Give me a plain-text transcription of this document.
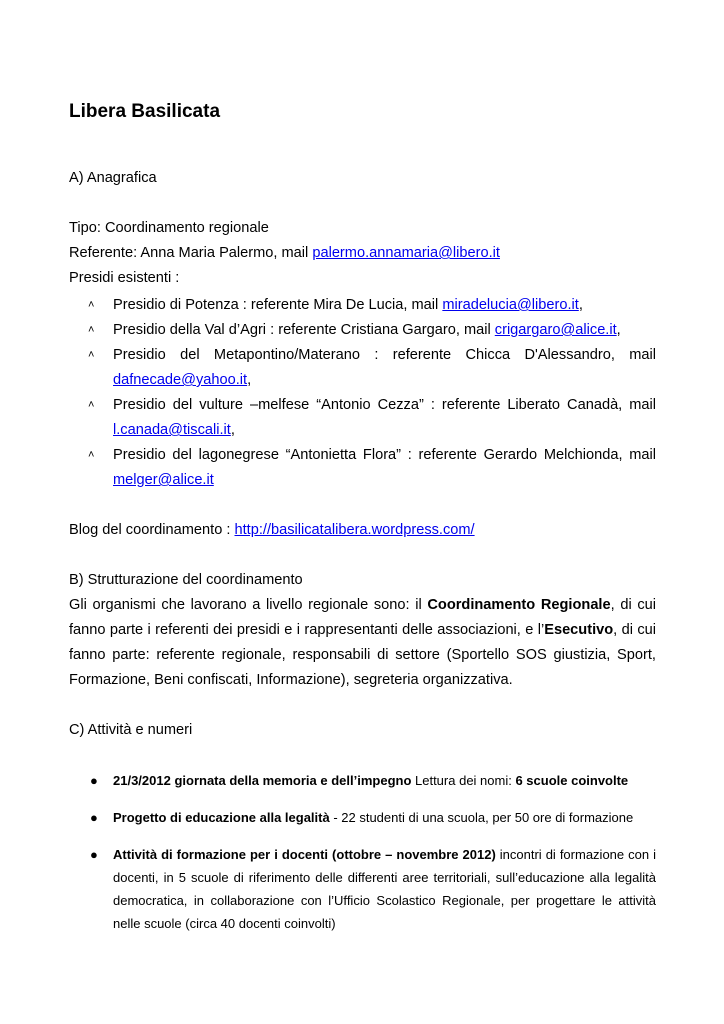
Libera Basilicata
A) Anagrafica
Tipo: Coordinamento regionale
Referente: Anna Maria Palermo, mail palermo.annamaria@libero.it
Presidi esistenti :
˄	Presidio di Potenza : referente Mira De Lucia, mail miradelucia@libero.it,
˄	Presidio della Val d’Agri : referente Cristiana Gargaro, mail crigargaro@alice.it,
˄	Presidio del Metapontino/Materano : referente Chicca D'Alessandro, mail dafnecade@yahoo.it,
˄	Presidio del vulture –melfese “Antonio Cezza” : referente Liberato Canadà, mail l.canada@tiscali.it,
˄	Presidio del lagonegrese “Antonietta Flora” : referente Gerardo Melchionda, mail melger@alice.it
Blog del coordinamento : http://basilicatalibera.wordpress.com/
B) Strutturazione del coordinamento
Gli organismi che lavorano a livello regionale sono: il Coordinamento Regionale, di cui fanno parte i referenti dei presidi e i rappresentanti delle associazioni, e l’Esecutivo, di cui fanno parte: referente regionale, responsabili di settore (Sportello SOS giustizia, Sport, Formazione, Beni confiscati, Informazione), segreteria organizzativa.
C) Attività e numeri
● 21/3/2012 giornata della memoria e dell’impegno Lettura dei nomi: 6 scuole coinvolte
● Progetto di educazione alla legalità - 22 studenti di una scuola, per 50 ore di formazione
● Attività di formazione per i docenti (ottobre – novembre 2012) incontri di formazione con i docenti, in 5 scuole di riferimento delle differenti aree territoriali, sull’educazione alla legalità democratica, in collaborazione con l’Ufficio Scolastico Regionale, per progettare le attività nelle scuole (circa 40 docenti coinvolti)
